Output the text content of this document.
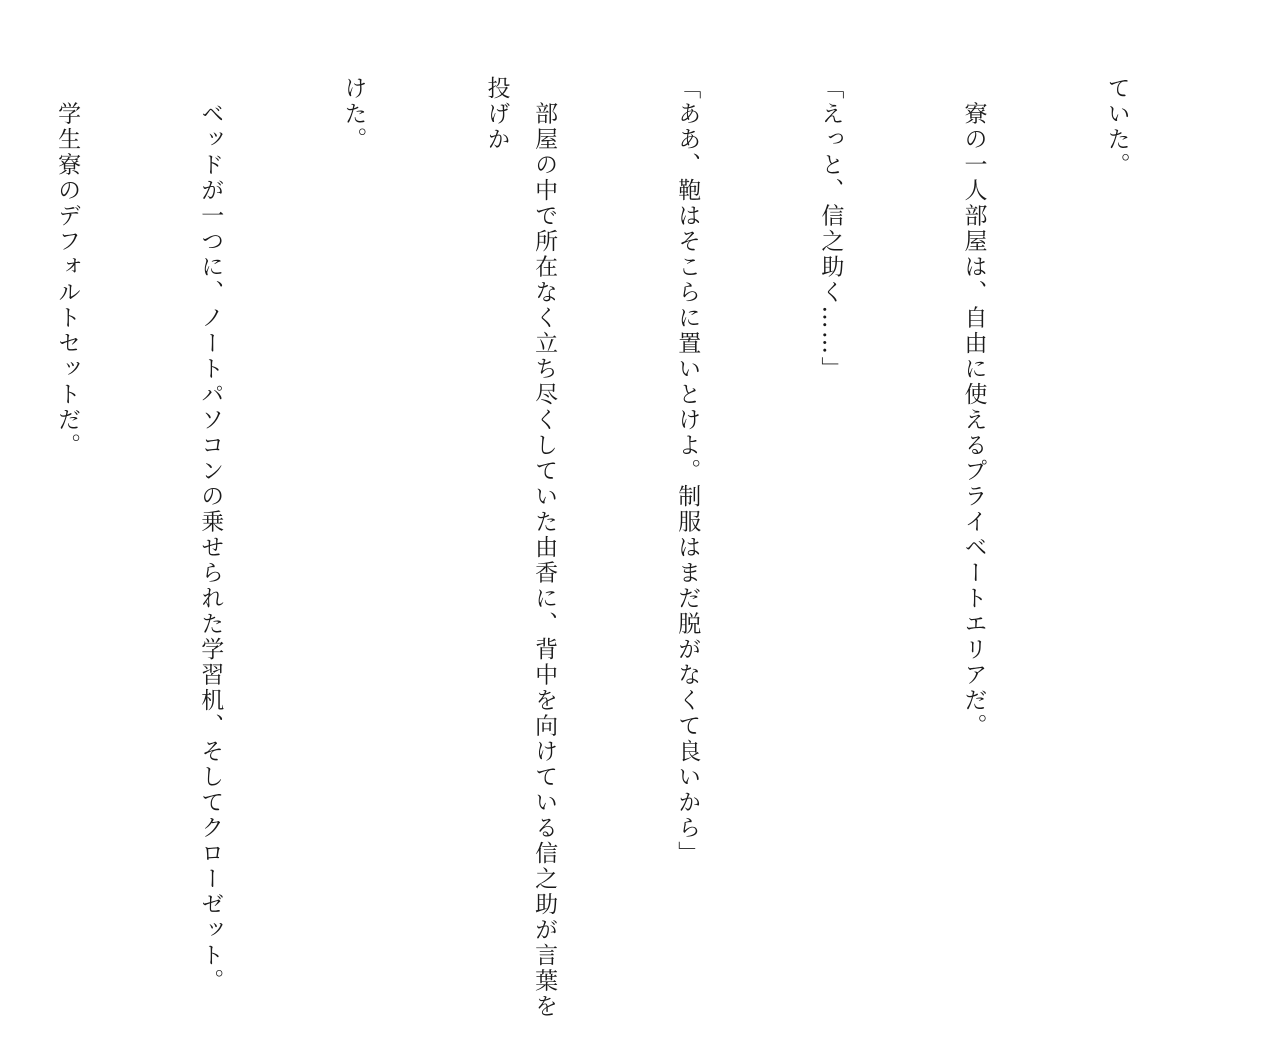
ていた。

　寮の一人部屋は、自由に使えるプライベートエリアだ。

「えっと、信之助く……」

「ああ、鞄はそこらに置いとけよ。制服はまだ脱がなくて良いから」

　部屋の中で所在なく立ち尽くしていた由香に、背中を向けている信之助が言葉を投げか

けた。

　ベッドが一つに、ノートパソコンの乗せられた学習机、そしてクローゼット。

　学生寮のデフォルトセットだ。
